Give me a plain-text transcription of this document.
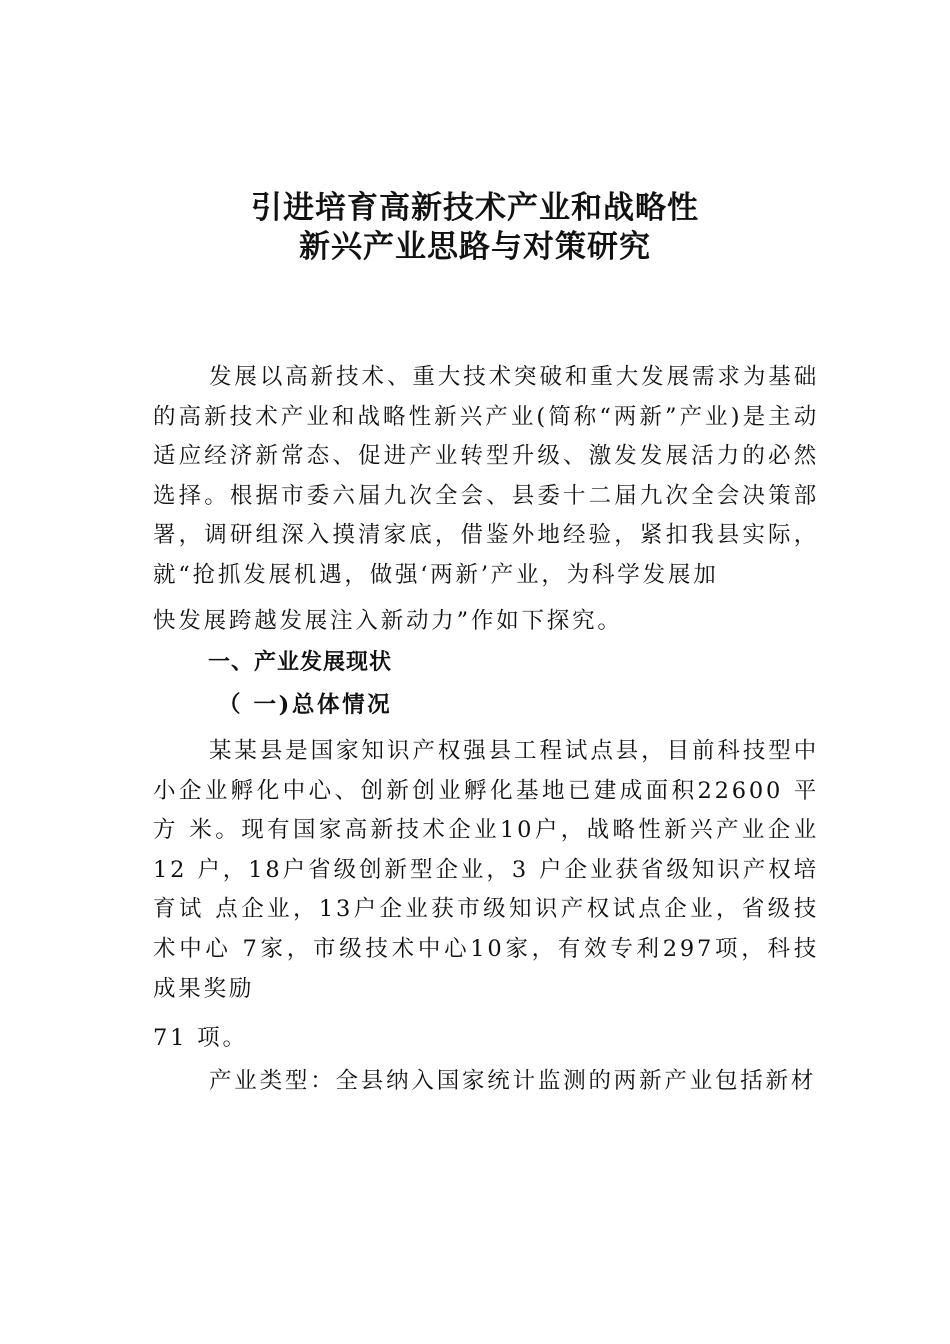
引进培育高新技术产业和战略性
新兴产业思路与对策研究

发展以高新技术、重大技术突破和重大发展需求为基础的高新技术产业和战略性新兴产业(简称“两新”产业)是主动适应经济新常态、促进产业转型升级、激发发展活力的必然选择。根据市委六届九次全会、县委十二届九次全会决策部署，调研组深入摸清家底，借鉴外地经验，紧扣我县实际，就“抢抓发展机遇，做强‘两新’产业，为科学发展加

快发展跨越发展注入新动力”作如下探究。

一、产业发展现状
（ 一)总体情况

某某县是国家知识产权强县工程试点县，目前科技型中小企业孵化中心、创新创业孵化基地已建成面积22600 平方 米。现有国家高新技术企业10户，战略性新兴产业企业12 户，18户省级创新型企业，3 户企业获省级知识产权培育试 点企业，13户企业获市级知识产权试点企业，省级技术中心 7家，市级技术中心10家，有效专利297项，科技成果奖励

71 项。

产业类型：全县纳入国家统计监测的两新产业包括新材
